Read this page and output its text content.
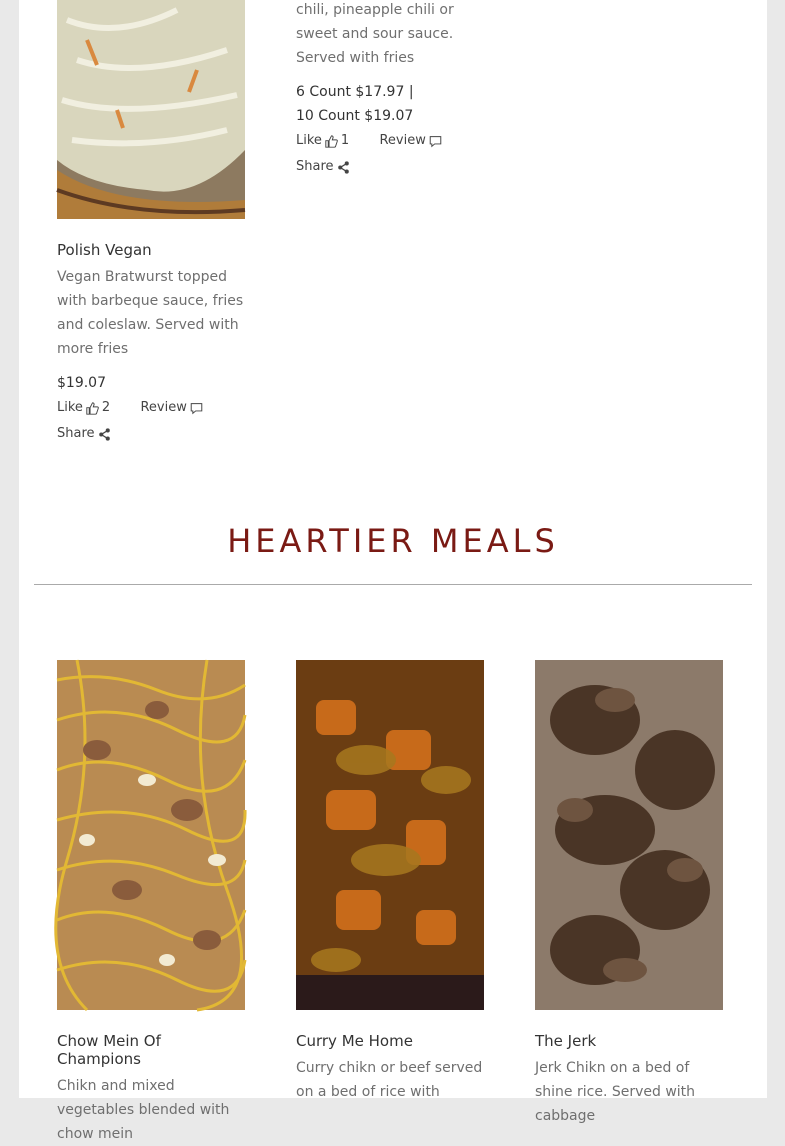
Polish Vegan

Vegan Bratwurst topped with barbeque sauce, fries and coleslaw. Served with more fries

$19.07
Like 2
Review

Share

chili, pineapple chili or sweet and sour sauce. Served with fries

6 Count $17.97 |
10 Count $19.07
Like 1
Review

Share
HEARTIER MEALS

Chow Mein Of Champions

Chikn and mixed vegetables blended with chow mein

Curry Me Home

Curry chikn or beef served on a bed of rice with

The Jerk

Jerk Chikn on a bed of shine rice. Served with cabbage
